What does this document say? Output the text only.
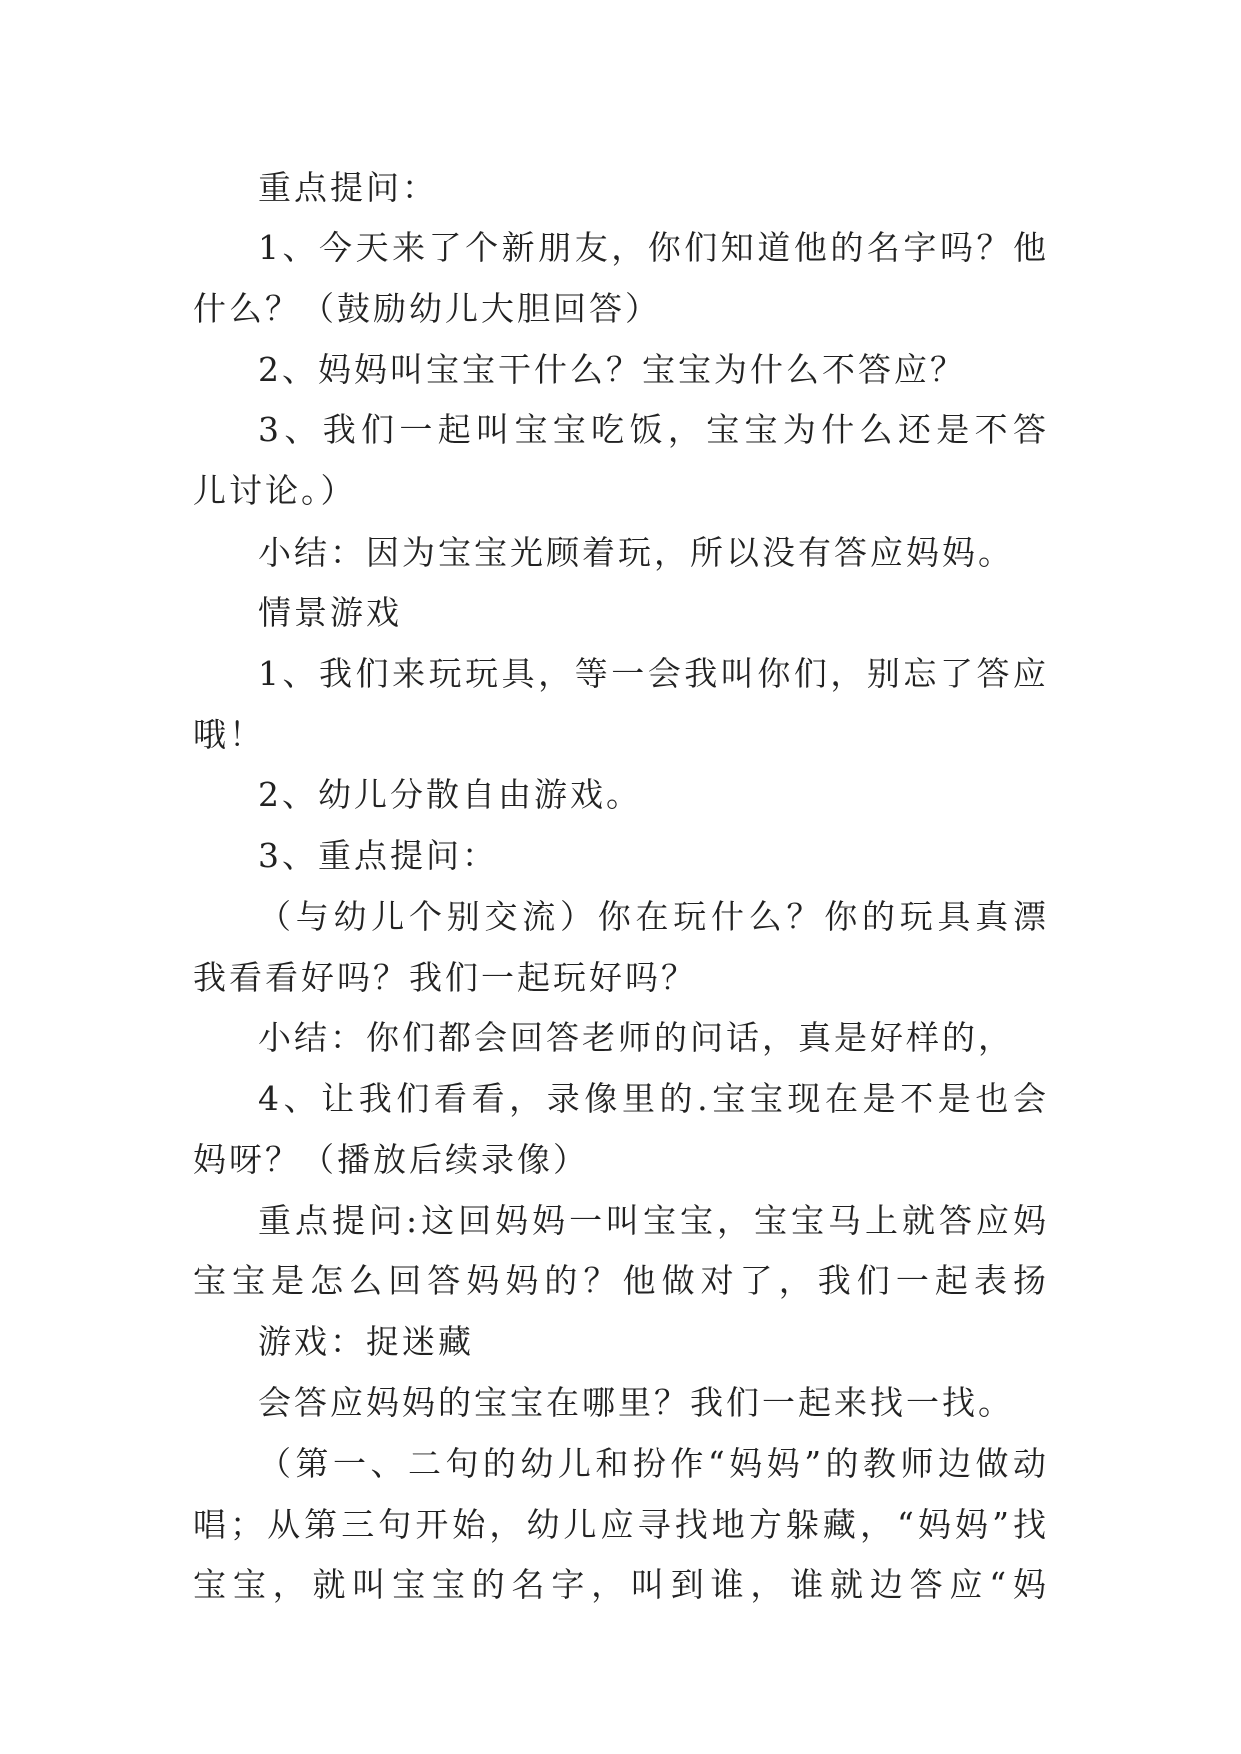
重点提问：
1、今天来了个新朋友，你们知道他的名字吗？他
什么？（鼓励幼儿大胆回答）
2、妈妈叫宝宝干什么？宝宝为什么不答应？
3、我们一起叫宝宝吃饭，宝宝为什么还是不答
儿讨论。）
小结：因为宝宝光顾着玩，所以没有答应妈妈。
情景游戏
1、我们来玩玩具，等一会我叫你们，别忘了答应
哦！
2、幼儿分散自由游戏。
3、重点提问：
（与幼儿个别交流）你在玩什么？你的玩具真漂
我看看好吗？我们一起玩好吗？
小结：你们都会回答老师的问话，真是好样的，
4、让我们看看，录像里的.宝宝现在是不是也会
妈呀？（播放后续录像）
重点提问:这回妈妈一叫宝宝，宝宝马上就答应妈
宝宝是怎么回答妈妈的？他做对了，我们一起表扬
游戏：捉迷藏
会答应妈妈的宝宝在哪里？我们一起来找一找。
（第一、二句的幼儿和扮作“妈妈”的教师边做动
唱；从第三句开始，幼儿应寻找地方躲藏，“妈妈”找
宝宝，就叫宝宝的名字，叫到谁，谁就边答应“妈
